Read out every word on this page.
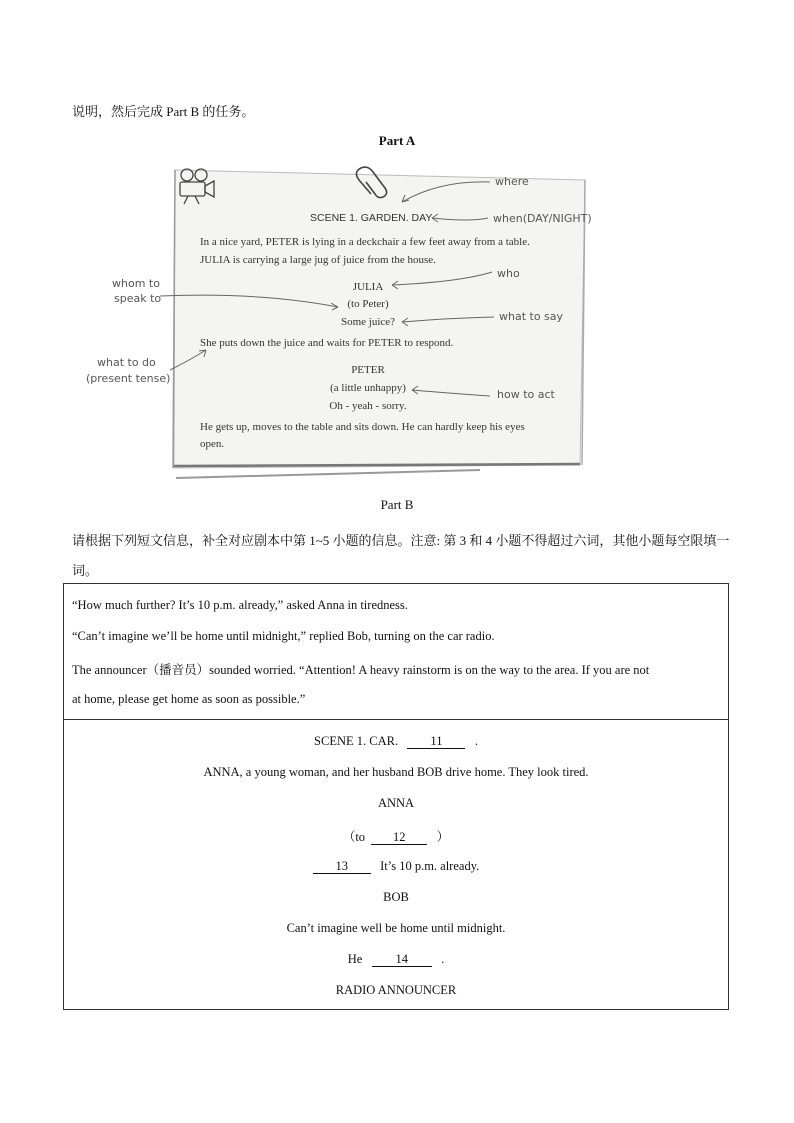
说明，然后完成 Part B 的任务。
Part A
SCENE 1. GARDEN. DAY
In a nice yard, PETER is lying in a deckchair a few feet away from a table.
JULIA is carrying a large jug of juice from the house.
JULIA
(to Peter)
Some juice?
She puts down the juice and waits for PETER to respond.
PETER
(a little unhappy)
Oh - yeah - sorry.
He gets up, moves to the table and sits down. He can hardly keep his eyes
open.
where
when(DAY/NIGHT)
who
whom to
speak to
what to say
what to do
(present tense)
how to act
Part B
请根据下列短文信息，补全对应剧本中第 1~5 小题的信息。注意: 第 3 和 4 小题不得超过六词，其他小题每空限填一词。
“How much further? It’s 10 p.m. already,” asked Anna in tiredness.
“Can’t imagine we’ll be home until midnight,” replied Bob, turning on the car radio.
The announcer（播音员）sounded worried. “Attention! A heavy rainstorm is on the way to the area. If you are not
at home, please get home as soon as possible.”
SCENE 1. CAR.	11	.
ANNA, a young woman, and her husband BOB drive home. They look tired.
ANNA
（to 12 ）
13	It’s 10 p.m. already.
BOB
Can’t imagine well be home until midnight.
He	14	.
RADIO ANNOUNCER
